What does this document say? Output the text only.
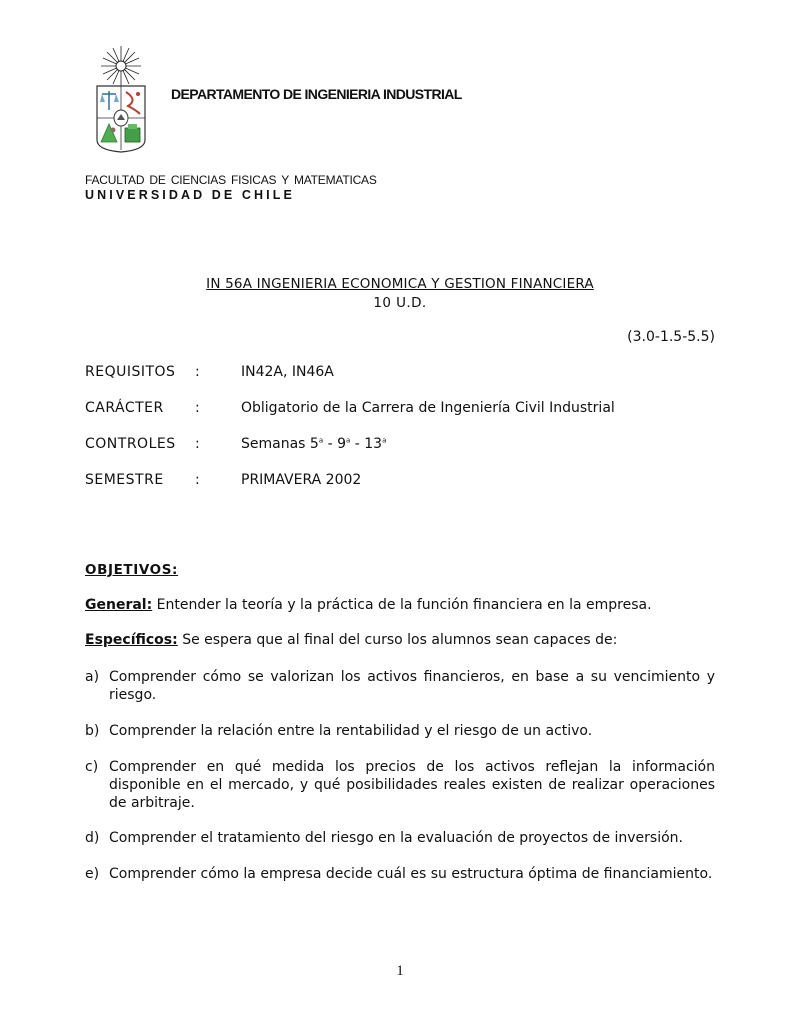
DEPARTAMENTO DE INGENIERIA INDUSTRIAL
FACULTAD DE CIENCIAS FISICAS Y MATEMATICAS
UNIVERSIDAD DE CHILE
IN 56A INGENIERIA ECONOMICA Y GESTION FINANCIERA
10 U.D.
(3.0-1.5-5.5)
REQUISITOS :	IN42A, IN46A
CARÁCTER :	Obligatorio de la Carrera de Ingeniería Civil Industrial
CONTROLES :	Semanas 5$^a$ - 9$^a$ - 13$^a$
SEMESTRE :	PRIMAVERA 2002
OBJETIVOS:
General: Entender la teoría y la práctica de la función financiera en la empresa.
Específicos: Se espera que al final del curso los alumnos sean capaces de:
a) Comprender cómo se valorizan los activos financieros, en base a su vencimiento y riesgo.
b) Comprender la relación entre la rentabilidad y el riesgo de un activo.
c) Comprender en qué medida los precios de los activos reflejan la información disponible en el mercado, y qué posibilidades reales existen de realizar operaciones de arbitraje.
d) Comprender el tratamiento del riesgo en la evaluación de proyectos de inversión.
e) Comprender cómo la empresa decide cuál es su estructura óptima de financiamiento.
1
